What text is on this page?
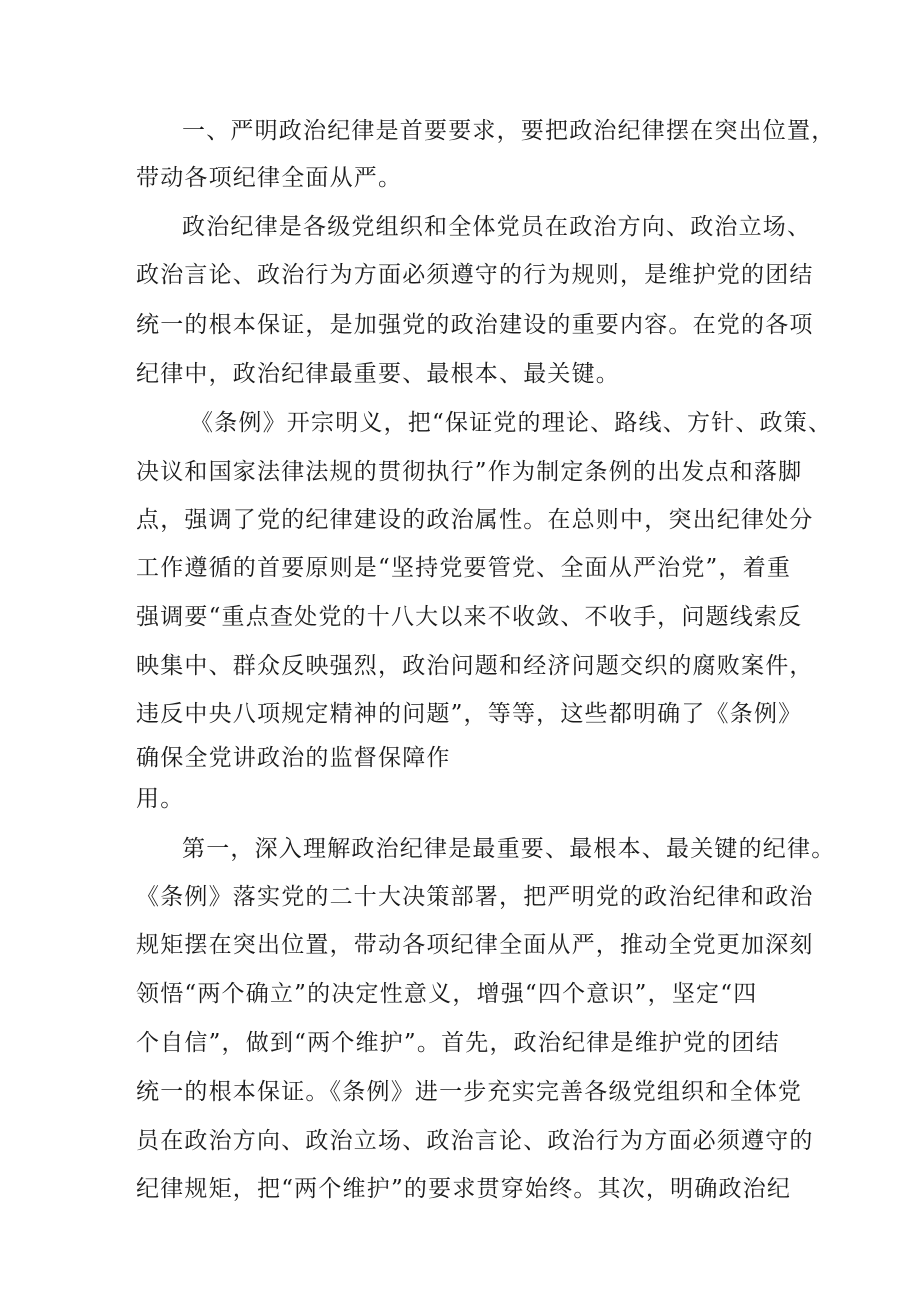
一、严明政治纪律是首要要求，要把政治纪律摆在突出位置，

带动各项纪律全面从严。

政治纪律是各级党组织和全体党员在政治方向、政治立场、

政治言论、政治行为方面必须遵守的行为规则，是维护党的团结

统一的根本保证，是加强党的政治建设的重要内容。在党的各项

纪律中，政治纪律最重要、最根本、最关键。

《条例》开宗明义，把“保证党的理论、路线、方针、政策、

决议和国家法律法规的贯彻执行”作为制定条例的出发点和落脚

点，强调了党的纪律建设的政治属性。在总则中，突出纪律处分

工作遵循的首要原则是“坚持党要管党、全面从严治党”，着重

强调要“重点查处党的十八大以来不收敛、不收手，问题线索反

映集中、群众反映强烈，政治问题和经济问题交织的腐败案件，

违反中央八项规定精神的问题”，等等，这些都明确了《条例》

确保全党讲政治的监督保障作

用。

第一，深入理解政治纪律是最重要、最根本、最关键的纪律。

《条例》落实党的二十大决策部署，把严明党的政治纪律和政治

规矩摆在突出位置，带动各项纪律全面从严，推动全党更加深刻

领悟“两个确立”的决定性意义，增强“四个意识”，坚定“四

个自信”，做到“两个维护”。首先，政治纪律是维护党的团结

统一的根本保证。《条例》进一步充实完善各级党组织和全体党

员在政治方向、政治立场、政治言论、政治行为方面必须遵守的

纪律规矩，把“两个维护”的要求贯穿始终。其次，明确政治纪
